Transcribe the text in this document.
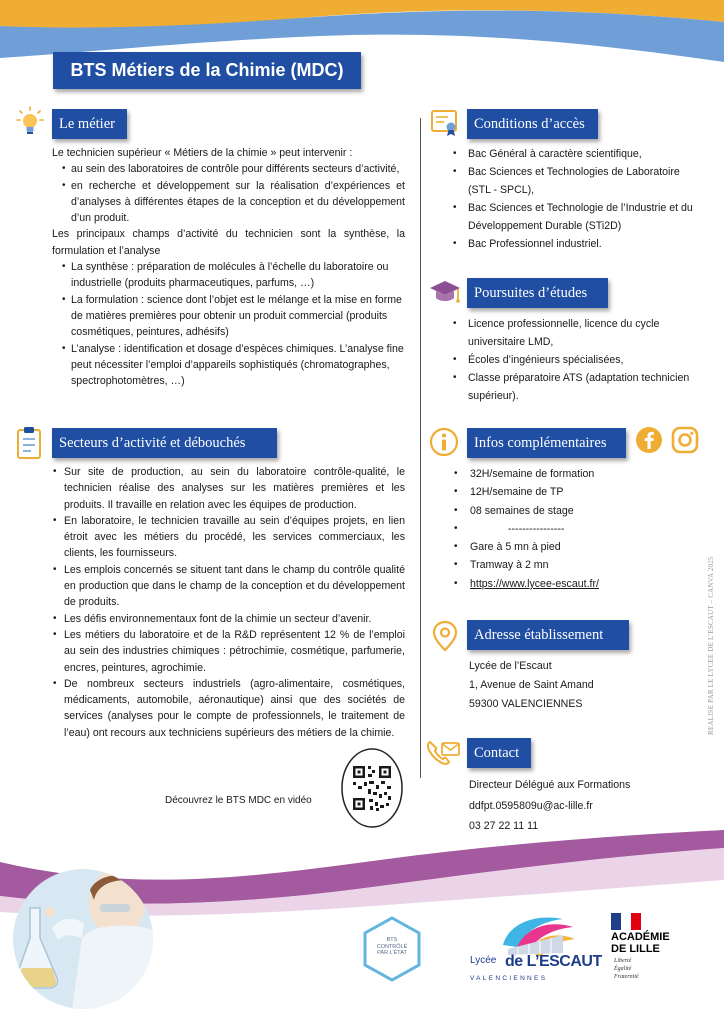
BTS Métiers de la Chimie (MDC)
Le métier

Le technicien supérieur « Métiers de la chimie » peut intervenir :

• au sein des laboratoires de contrôle pour différents secteurs d’activité,
• en recherche et développement sur la réalisation d’expériences et d’analyses à différentes étapes de la conception et du développement d’un produit.

Les principaux champs d’activité du technicien sont la synthèse, la formulation et l’analyse

• La synthèse : préparation de molécules à l’échelle du laboratoire ou industrielle (produits pharmaceutiques, parfums, …)
• La formulation : science dont l’objet est le mélange et la mise en forme de matières premières pour obtenir un produit commercial (produits cosmétiques, peintures, adhésifs)
• L’analyse : identification et dosage d’espèces chimiques. L’analyse fine peut nécessiter l’emploi d’appareils sophistiqués (chromatographes, spectrophotomètres, …)
Secteurs d’activité et débouchés
• Sur site de production, au sein du laboratoire contrôle-qualité, le technicien réalise des analyses sur les matières premières et les produits. Il travaille en relation avec les équipes de production.
• En laboratoire, le technicien travaille au sein d’équipes projets, en lien étroit avec les métiers du procédé, les services commerciaux, les clients, les fournisseurs.
• Les emplois concernés se situent tant dans le champ du contrôle qualité en production que dans le champ de la conception et du développement de produits.
• Les défis environnementaux font de la chimie un secteur d’avenir.
• Les métiers du laboratoire et de la R&D représentent 12 % de l’emploi au sein des industries chimiques : pétrochimie, cosmétique, parfumerie, encres, peintures, agrochimie.
• De nombreux secteurs industriels (agro-alimentaire, cosmétiques, médicaments, automobile, aéronautique) ainsi que des sociétés de services (analyses pour le compte de professionnels, le traitement de l’eau) ont recours aux techniciens supérieurs des métiers de la chimie.
Conditions d’accès
• Bac Général à caractère scientifique,
• Bac Sciences et Technologies de Laboratoire (STL - SPCL),
• Bac Sciences et Technologie de l’Industrie et du Développement Durable (STi2D)
• Bac Professionnel industriel.
Poursuites d’études
• Licence professionnelle, licence du cycle universitaire LMD,
• Écoles d’ingénieurs spécialisées,
• Classe préparatoire ATS (adaptation technicien supérieur).
Infos complémentaires
• 32H/semaine de formation
• 12H/semaine de TP
• 08 semaines de stage
• ----------------
• Gare à 5 mn à pied
• Tramway à 2 mn
• https://www.lycee-escaut.fr/
Adresse établissement

Lycée de l’Escaut

1, Avenue de Saint Amand

59300 VALENCIENNES

Contact

Directeur Délégué aux Formations

ddfpt.0595809u@ac-lille.fr

03 27 22 11 11

REALISE PAR LE LYCEE DE L’ESCAUT – CANVA 2025
Découvrez le BTS MDC en vidéo
BTS
CONTRÔLÉ
PAR L’ÉTAT
Lycée de L’ESCAUT
VALENCIENNES
ACADÉMIE
DE LILLE
Liberté
Égalité
Fraternité
